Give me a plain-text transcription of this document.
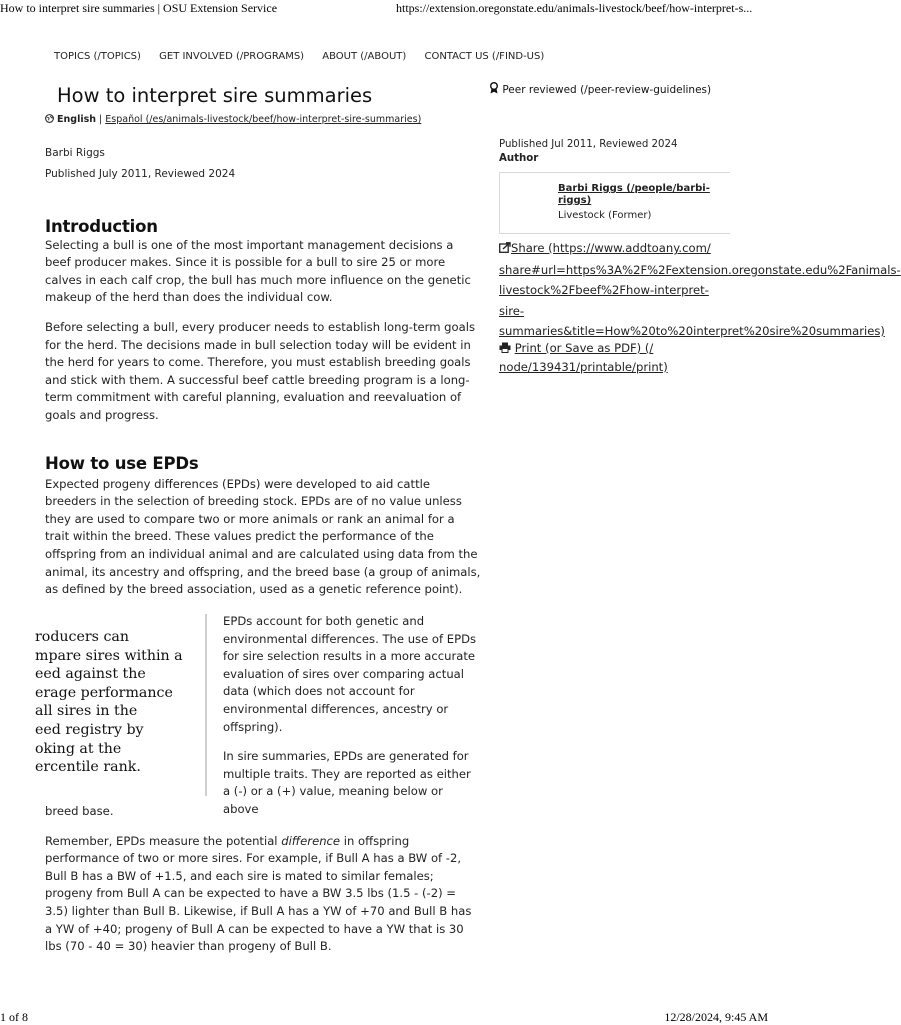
How to interpret sire summaries | OSU Extension Service	https://extension.oregonstate.edu/animals-livestock/beef/how-interpret-s...
TOPICS (/TOPICS) GET INVOLVED (/PROGRAMS) ABOUT (/ABOUT) CONTACT US (/FIND-US)
How to interpret sire summaries
English | Español (/es/animals-livestock/beef/how-interpret-sire-summaries)
Barbi Riggs
Published July 2011, Reviewed 2024
Introduction

Selecting a bull is one of the most important management decisions a beef producer makes. Since it is possible for a bull to sire 25 or more calves in each calf crop, the bull has much more influence on the genetic makeup of the herd than does the individual cow.

Before selecting a bull, every producer needs to establish long-term goals for the herd. The decisions made in bull selection today will be evident in the herd for years to come. Therefore, you must establish breeding goals and stick with them. A successful beef cattle breeding program is a long-term commitment with careful planning, evaluation and reevaluation of goals and progress.

How to use EPDs

Expected progeny differences (EPDs) were developed to aid cattle breeders in the selection of breeding stock. EPDs are of no value unless they are used to compare two or more animals or rank an animal for a trait within the breed. These values predict the performance of the offspring from an individual animal and are calculated using data from the animal, its ancestry and offspring, and the breed base (a group of animals, as defined by the breed association, used as a genetic reference point).

roducers can
mpare sires within a
eed against the
erage performance
all sires in the
eed registry by
oking at the
ercentile rank.

EPDs account for both genetic and environmental differences. The use of EPDs for sire selection results in a more accurate evaluation of sires over comparing actual data (which does not account for environmental differences, ancestry or offspring).

In sire summaries, EPDs are generated for multiple traits. They are reported as either a (-) or a (+) value, meaning below or above

breed base.

Remember, EPDs measure the potential difference in offspring performance of two or more sires. For example, if Bull A has a BW of -2, Bull B has a BW of +1.5, and each sire is mated to similar females; progeny from Bull A can be expected to have a BW 3.5 lbs (1.5 - (-2) = 3.5) lighter than Bull B. Likewise, if Bull A has a YW of +70 and Bull B has a YW of +40; progeny of Bull A can be expected to have a YW that is 30 lbs (70 - 40 = 30) heavier than progeny of Bull B.

Peer reviewed (/peer-review-guidelines)
Published Jul 2011, Reviewed 2024
Author
Barbi Riggs (/people/barbi-riggs)
Livestock (Former)
Share (https://www.addtoany.com/
share#url=https%3A%2F%2Fextension.oregonstate.edu%2Fanimals-
livestock%2Fbeef%2Fhow-interpret-
sire-
summaries&title=How%20to%20interpret%20sire%20summaries)
Print (or Save as PDF) (/ node/139431/printable/print)
1 of 8	12/28/2024, 9:45 AM
